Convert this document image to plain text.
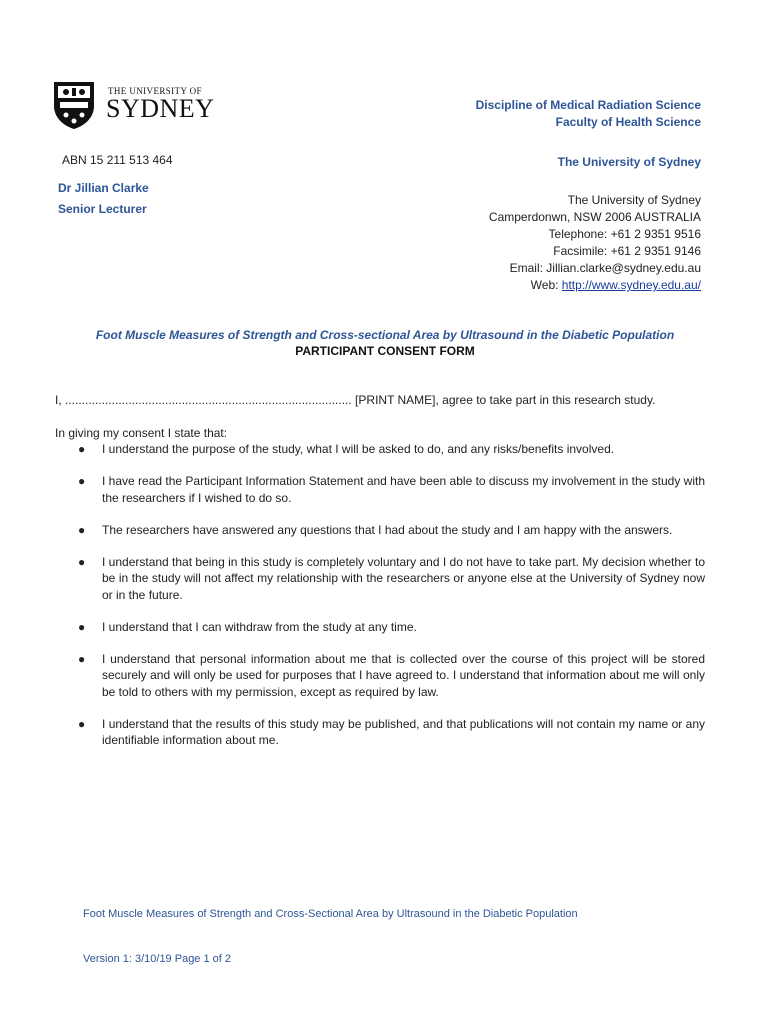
THE UNIVERSITY OF
SYDNEY	Discipline of Medical Radiation Science
Faculty of Health Science
The University of Sydney
ABN 15 211 513 464
Dr Jillian Clarke
Senior Lecturer
The University of Sydney
Camperdonwn, NSW 2006 AUSTRALIA
Telephone: +61 2 9351 9516
Facsimile: +61 2 9351 9146
Email: Jillian.clarke@sydney.edu.au
Web: http://www.sydney.edu.au/
Foot Muscle Measures of Strength and Cross-sectional Area by Ultrasound in the Diabetic Population
PARTICIPANT CONSENT FORM
I, ...................................................................................... [PRINT NAME], agree to take part in this research study.
In giving my consent I state that:
● I understand the purpose of the study, what I will be asked to do, and any risks/benefits involved.
● I have read the Participant Information Statement and have been able to discuss my involvement in the study with the researchers if I wished to do so.
● The researchers have answered any questions that I had about the study and I am happy with the answers.
● I understand that being in this study is completely voluntary and I do not have to take part. My decision whether to be in the study will not affect my relationship with the researchers or anyone else at the University of Sydney now or in the future.
● I understand that I can withdraw from the study at any time.
● I understand that personal information about me that is collected over the course of this project will be stored securely and will only be used for purposes that I have agreed to. I understand that information about me will only be told to others with my permission, except as required by law.
● I understand that the results of this study may be published, and that publications will not contain my name or any identifiable information about me.
Foot Muscle Measures of Strength and Cross-Sectional Area by Ultrasound in the Diabetic Population
Version 1: 3/10/19 Page 1 of 2
